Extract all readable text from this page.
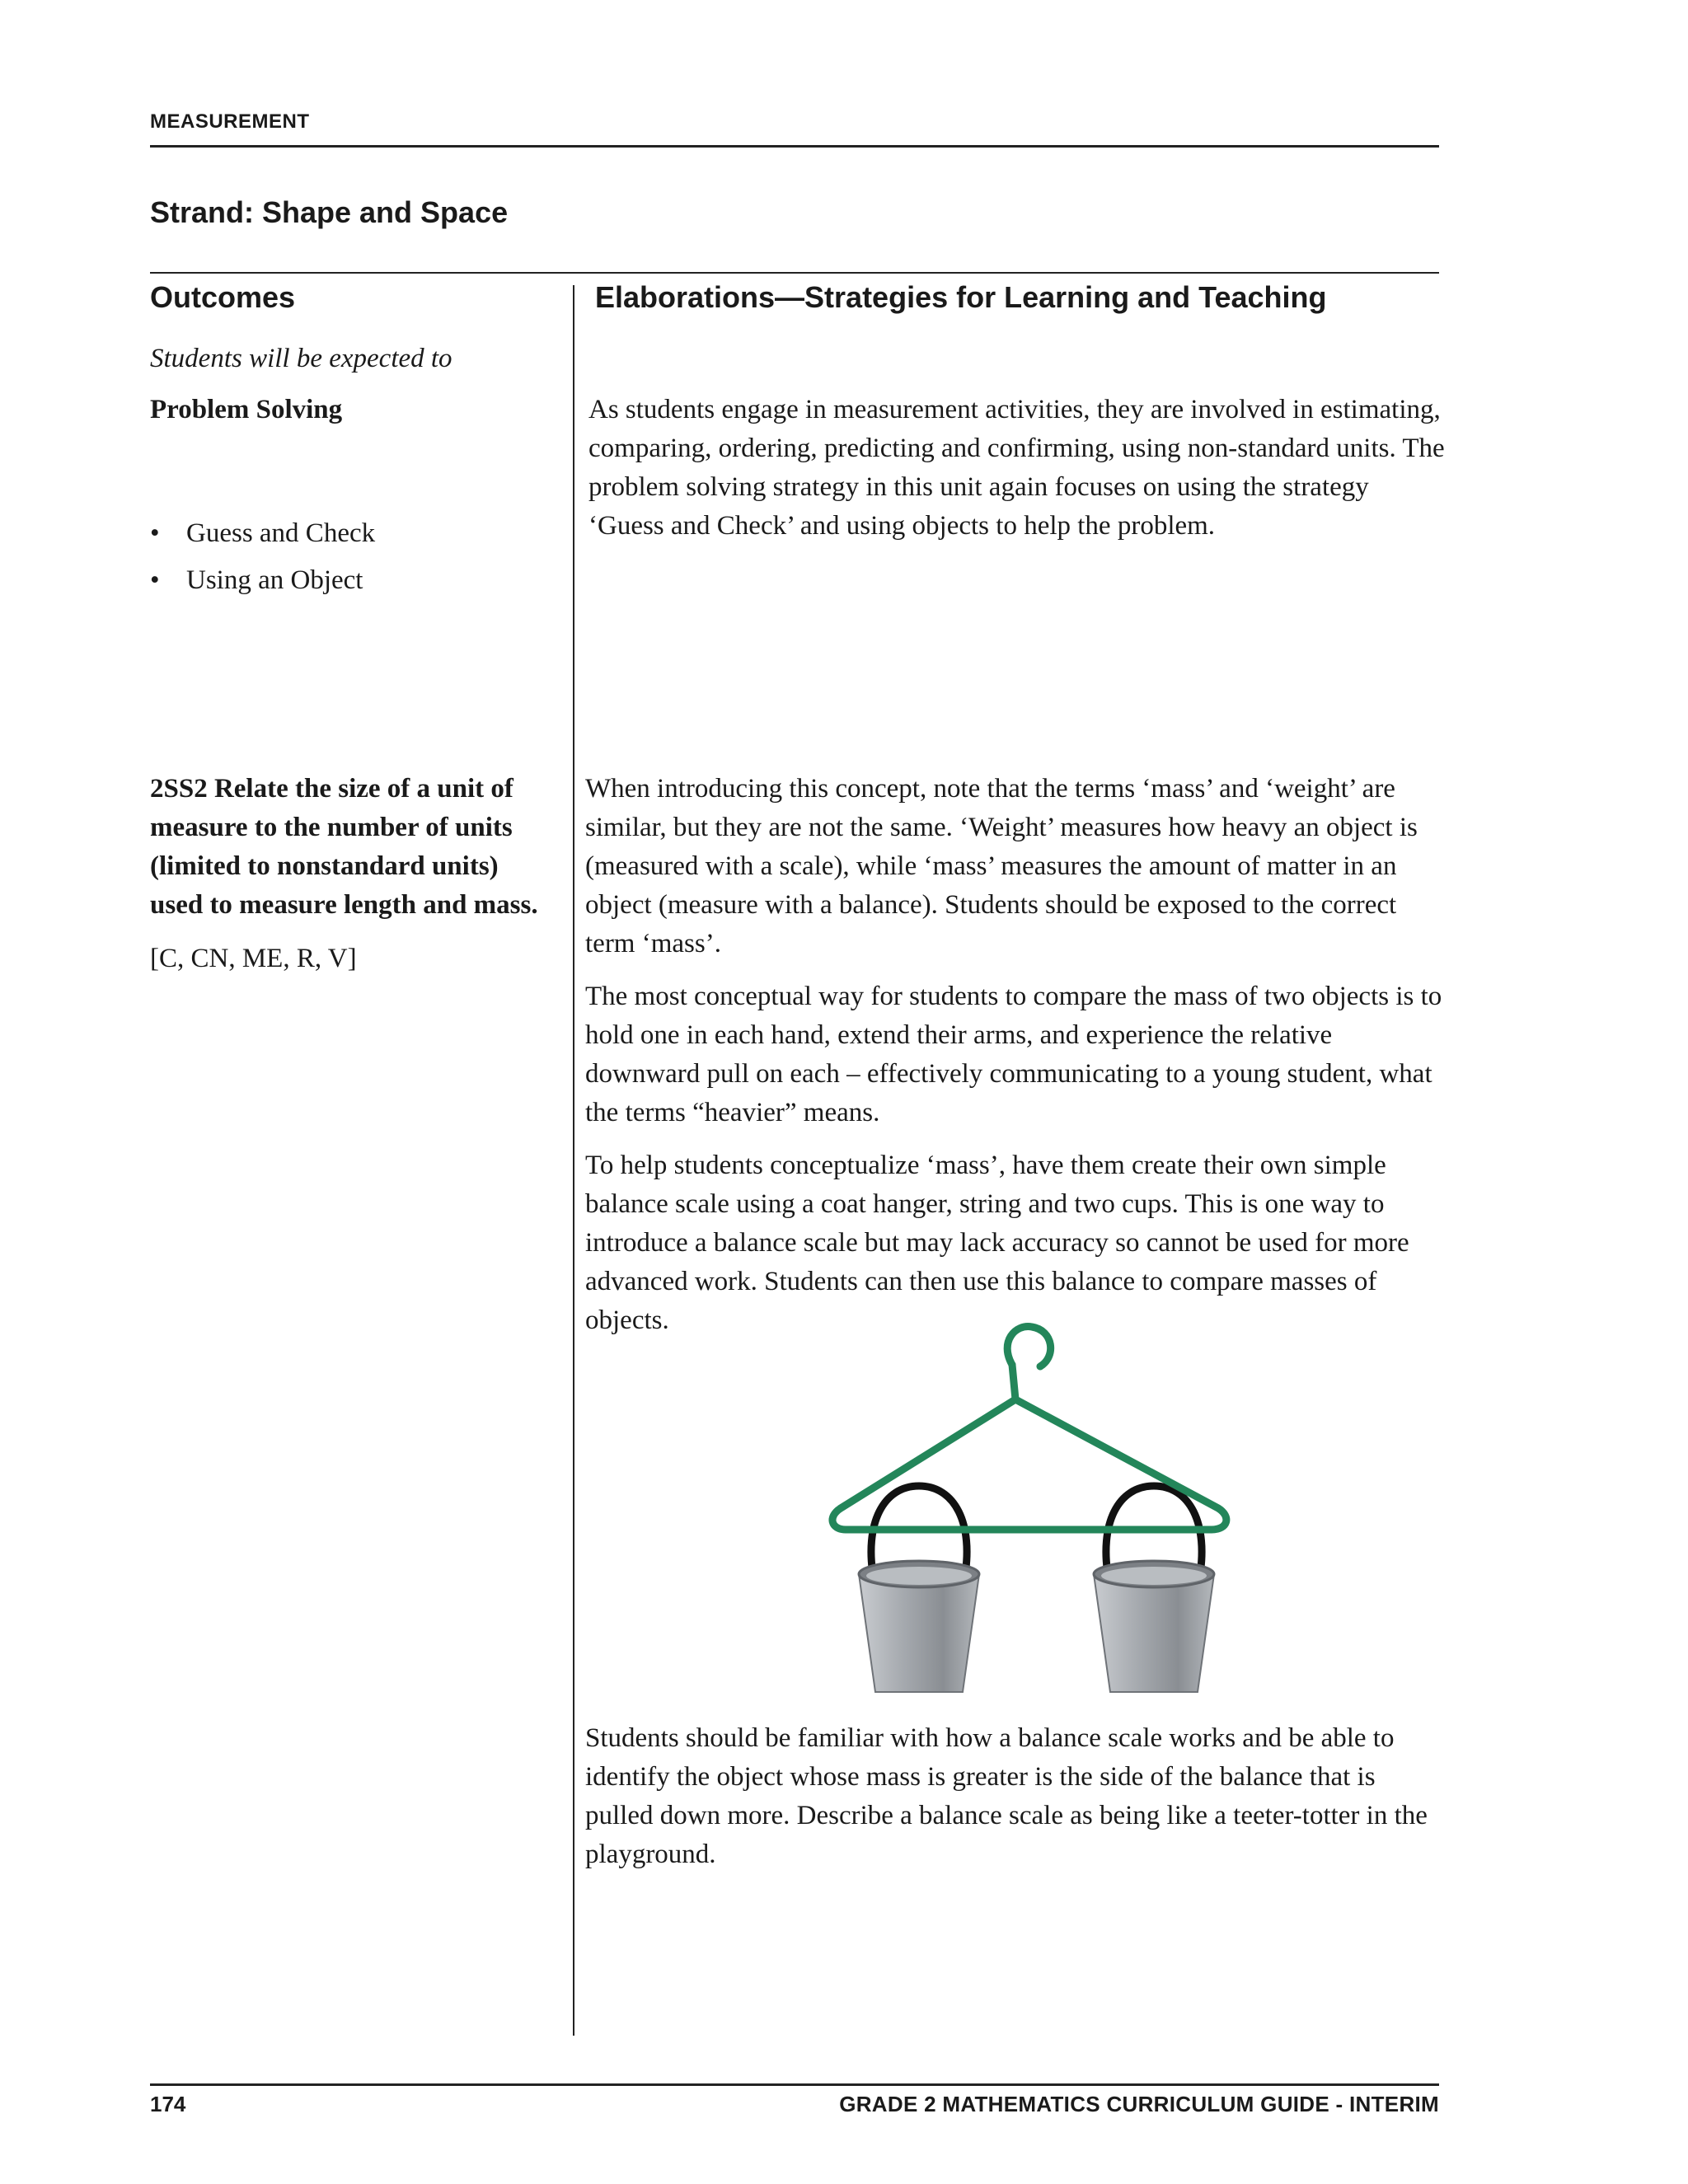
MEASUREMENT
Strand: Shape and Space
Outcomes	Elaborations—Strategies for Learning and Teaching
Students will be expected to
Problem Solving
• Guess and Check
• Using an Object
2SS2 Relate the size of a unit of measure to the number of units (limited to nonstandard units) used to measure length and mass.
[C, CN, ME, R, V]
As students engage in measurement activities, they are involved in estimating, comparing, ordering, predicting and confirming, using non-standard units. The problem solving strategy in this unit again focuses on using the strategy ‘Guess and Check’ and using objects to help the problem.

When introducing this concept, note that the terms ‘mass’ and ‘weight’ are similar, but they are not the same. ‘Weight’ measures how heavy an object is (measured with a scale), while ‘mass’ measures the amount of matter in an object (measure with a balance). Students should be exposed to the correct term ‘mass’.

The most conceptual way for students to compare the mass of two objects is to hold one in each hand, extend their arms, and experience the relative downward pull on each – effectively communicating to a young student, what the terms “heavier” means.

To help students conceptualize ‘mass’, have them create their own simple balance scale using a coat hanger, string and two cups. This is one way to introduce a balance scale but may lack accuracy so cannot be used for more advanced work. Students can then use this balance to compare masses of objects.

Students should be familiar with how a balance scale works and be able to identify the object whose mass is greater is the side of the balance that is pulled down more. Describe a balance scale as being like a teeter-totter in the playground.
174	GRADE 2 MATHEMATICS CURRICULUM GUIDE - INTERIM
